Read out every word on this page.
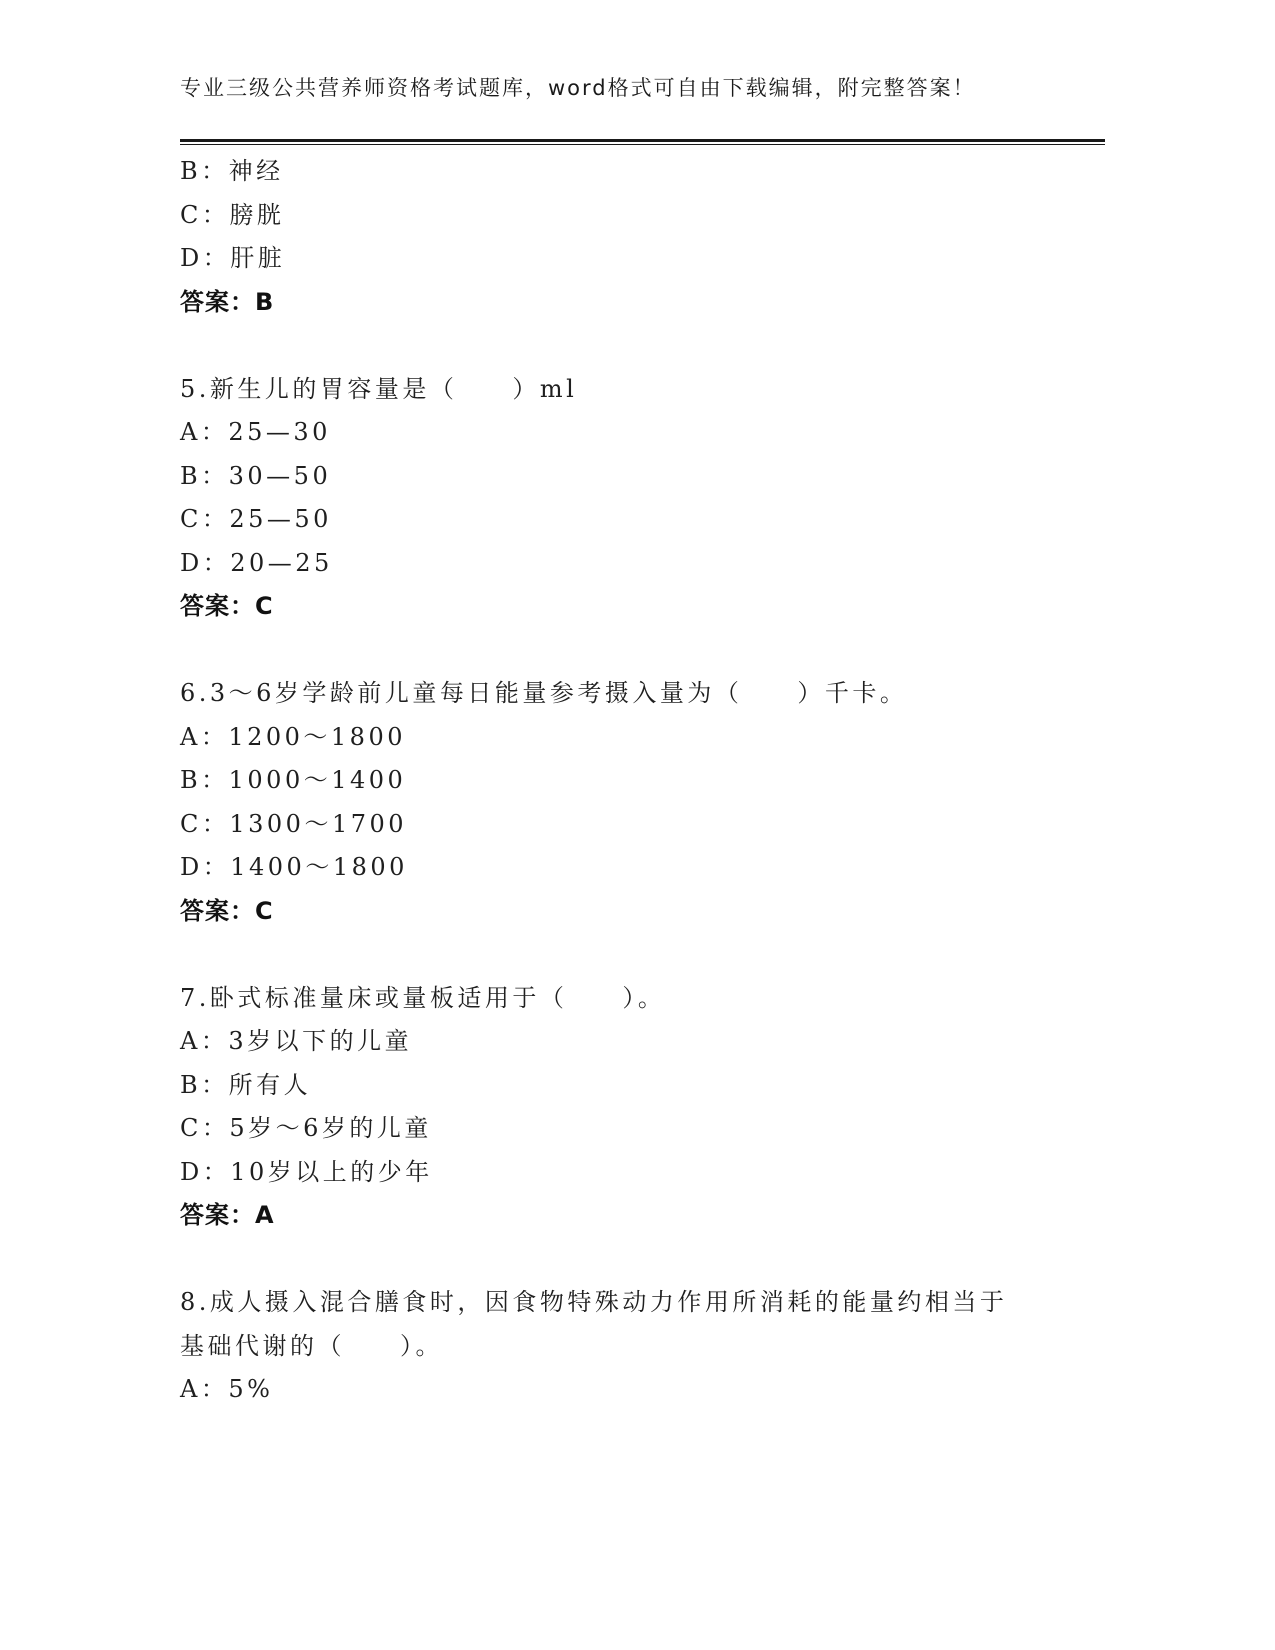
专业三级公共营养师资格考试题库，word格式可自由下载编辑，附完整答案！
B：神经
C：膀胱
D：肝脏
答案：B
5.新生儿的胃容量是（　　）ml
A：25—30
B：30—50
C：25—50
D：20—25
答案：C
6.3～6岁学龄前儿童每日能量参考摄入量为（　　）千卡。
A：1200～1800
B：1000～1400
C：1300～1700
D：1400～1800
答案：C
7.卧式标准量床或量板适用于（　　）。
A：3岁以下的儿童
B：所有人
C：5岁～6岁的儿童
D：10岁以上的少年
答案：A
8.成人摄入混合膳食时，因食物特殊动力作用所消耗的能量约相当于
基础代谢的（　　）。
A：5%
